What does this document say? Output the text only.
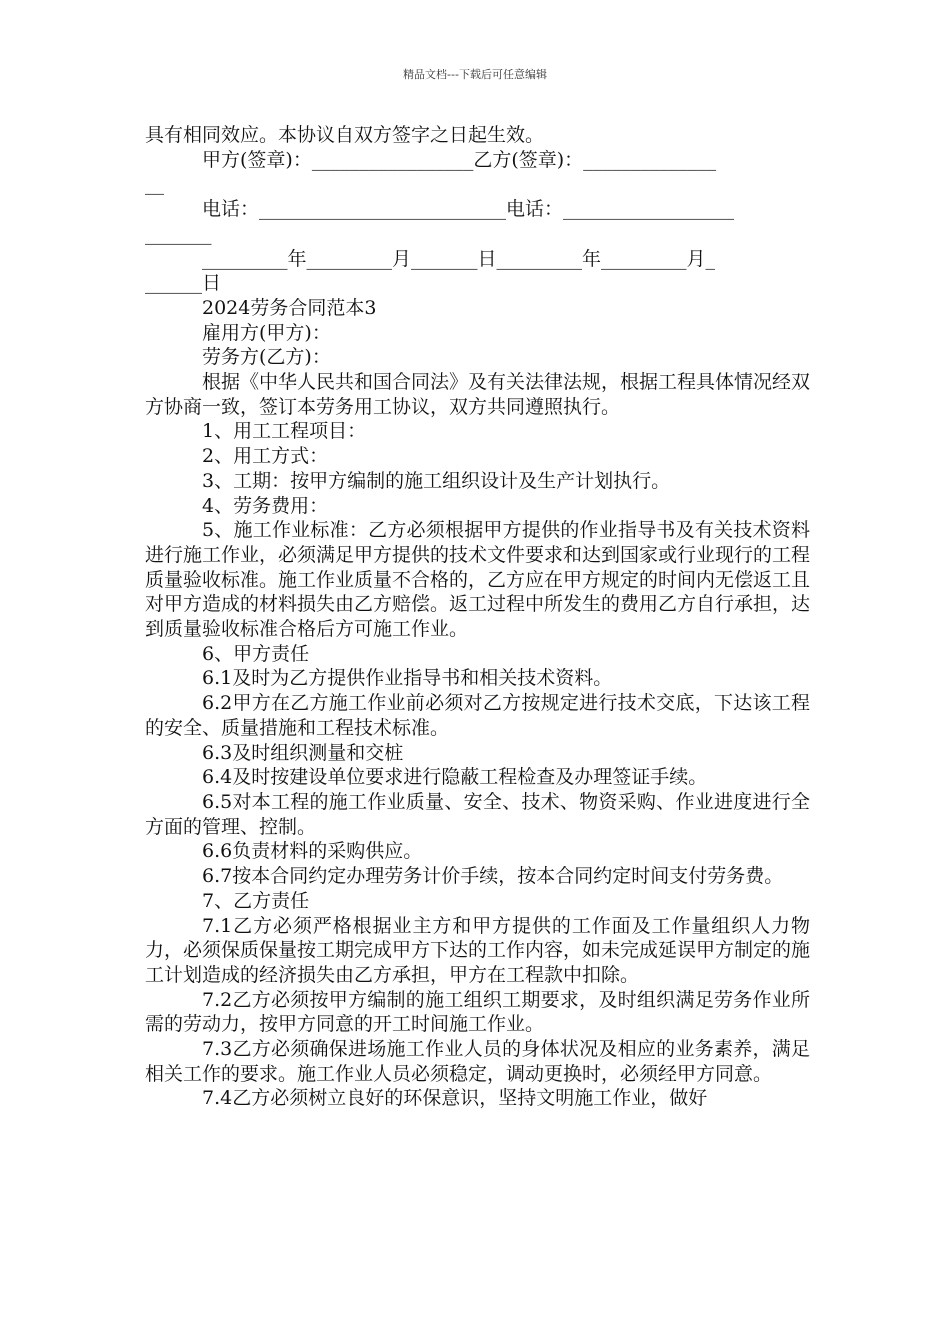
精品文档---下载后可任意编辑

具有相同效应。本协议自双方签字之日起生效。

甲方(签章)：_________________乙方(签章)：______________

__

电话：__________________________电话：__________________

_______

_________年_________月_______日_________年_________月_

______日

2024劳务合同范本3

雇用方(甲方)：

劳务方(乙方)：

根据《中华人民共和国合同法》及有关法律法规，根据工程具体情况经双方协商一致，签订本劳务用工协议，双方共同遵照执行。

1、用工工程项目：

2、用工方式：

3、工期：按甲方编制的施工组织设计及生产计划执行。

4、劳务费用：

5、施工作业标准：乙方必须根据甲方提供的作业指导书及有关技术资料进行施工作业，必须满足甲方提供的技术文件要求和达到国家或行业现行的工程质量验收标准。施工作业质量不合格的，乙方应在甲方规定的时间内无偿返工且对甲方造成的材料损失由乙方赔偿。返工过程中所发生的费用乙方自行承担，达到质量验收标准合格后方可施工作业。

6、甲方责任

6.1及时为乙方提供作业指导书和相关技术资料。

6.2甲方在乙方施工作业前必须对乙方按规定进行技术交底，下达该工程的安全、质量措施和工程技术标准。

6.3及时组织测量和交桩

6.4及时按建设单位要求进行隐蔽工程检查及办理签证手续。

6.5对本工程的施工作业质量、安全、技术、物资采购、作业进度进行全方面的管理、控制。

6.6负责材料的采购供应。

6.7按本合同约定办理劳务计价手续，按本合同约定时间支付劳务费。

7、乙方责任

7.1乙方必须严格根据业主方和甲方提供的工作面及工作量组织人力物力，必须保质保量按工期完成甲方下达的工作内容，如未完成延误甲方制定的施工计划造成的经济损失由乙方承担，甲方在工程款中扣除。

7.2乙方必须按甲方编制的施工组织工期要求，及时组织满足劳务作业所需的劳动力，按甲方同意的开工时间施工作业。

7.3乙方必须确保进场施工作业人员的身体状况及相应的业务素养，满足相关工作的要求。施工作业人员必须稳定，调动更换时，必须经甲方同意。

7.4乙方必须树立良好的环保意识，坚持文明施工作业，做好
